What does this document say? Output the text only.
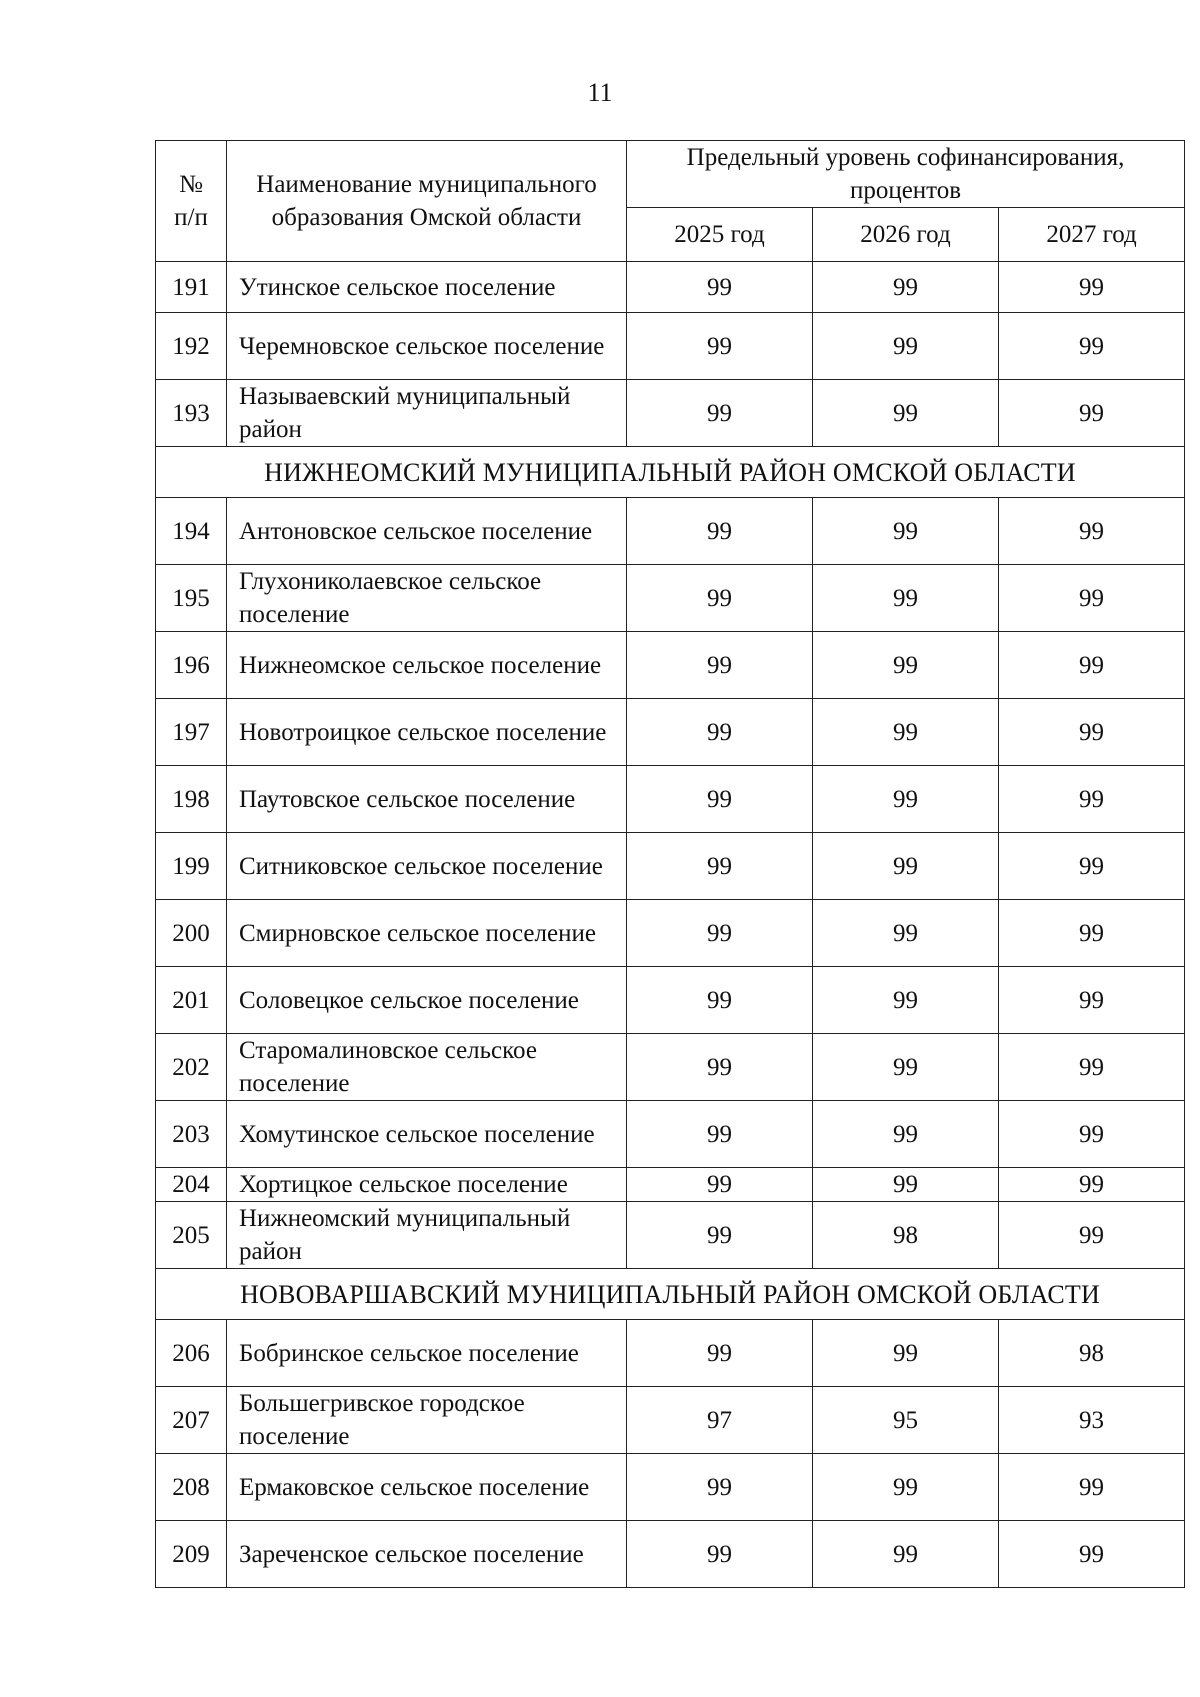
11
№ п/п	Наименование муниципального образования Омской области	Предельный уровень софинансирования, процентов		
		2025 год	2026 год	2027 год
191	Утинское сельское поселение	99	99	99
192	Черемновское сельское поселение	99	99	99
193	Называевский муниципальный район	99	99	99
НИЖНЕОМСКИЙ МУНИЦИПАЛЬНЫЙ РАЙОН ОМСКОЙ ОБЛАСТИ				
194	Антоновское сельское поселение	99	99	99
195	Глухониколаевское сельское поселение	99	99	99
196	Нижнеомское сельское поселение	99	99	99
197	Новотроицкое сельское поселение	99	99	99
198	Паутовское сельское поселение	99	99	99
199	Ситниковское сельское поселение	99	99	99
200	Смирновское сельское поселение	99	99	99
201	Соловецкое сельское поселение	99	99	99
202	Старомалиновское сельское поселение	99	99	99
203	Хомутинское сельское поселение	99	99	99
204	Хортицкое сельское поселение	99	99	99
205	Нижнеомский муниципальный район	99	98	99
НОВОВАРШАВСКИЙ МУНИЦИПАЛЬНЫЙ РАЙОН ОМСКОЙ ОБЛАСТИ				
206	Бобринское сельское поселение	99	99	98
207	Большегривское городское поселение	97	95	93
208	Ермаковское сельское поселение	99	99	99
209	Зареченское сельское поселение	99	99	99
